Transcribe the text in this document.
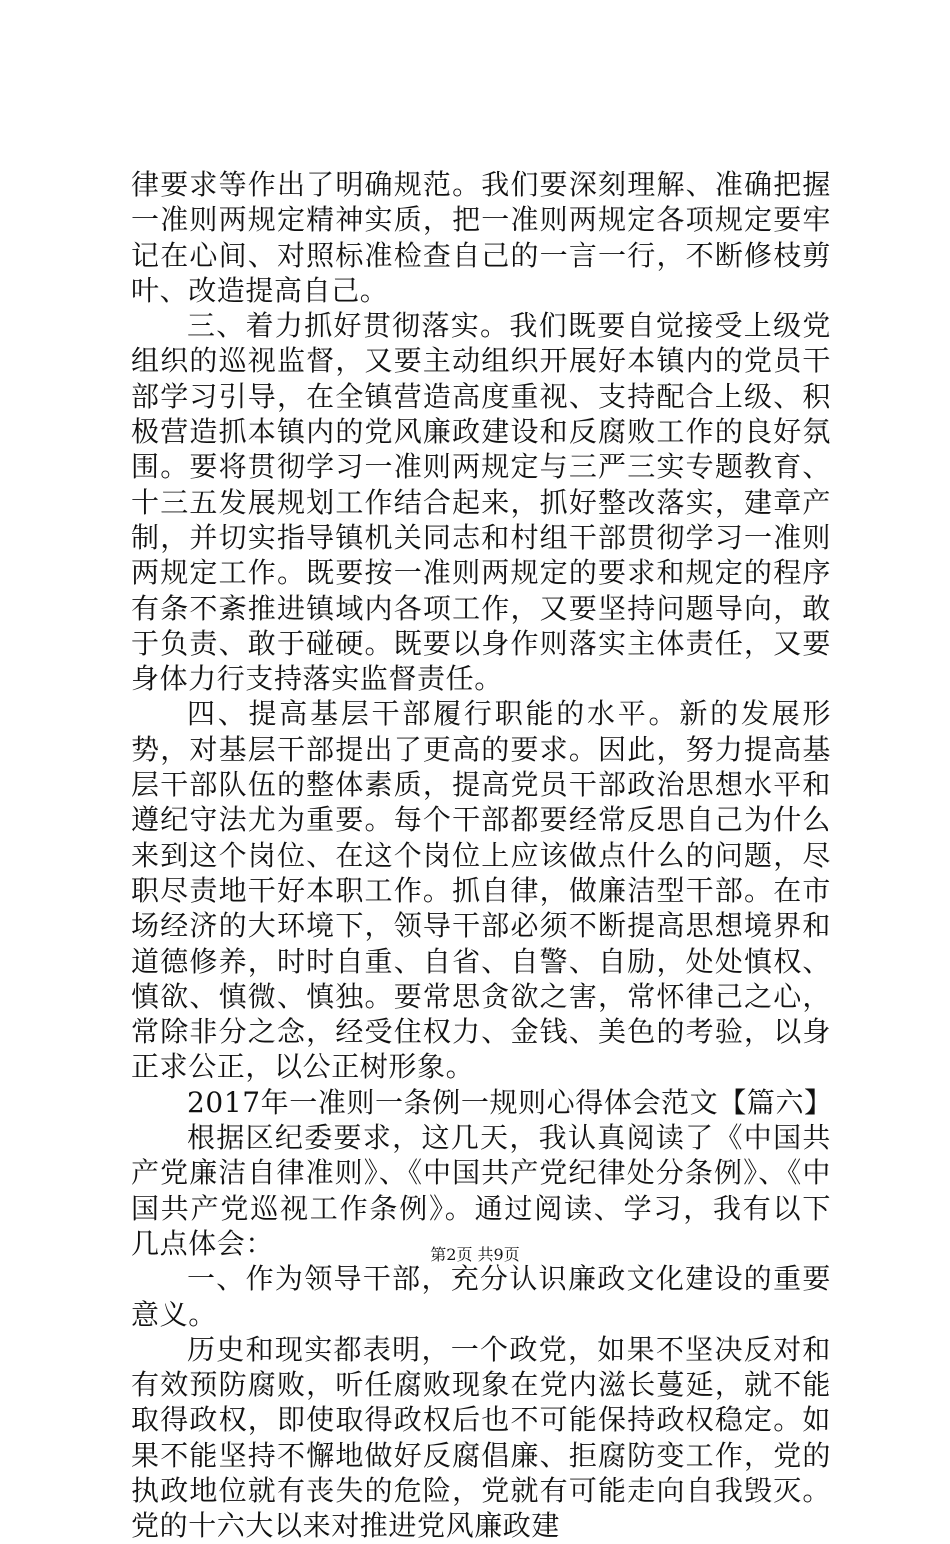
律要求等作出了明确规范。我们要深刻理解、准确把握一准则两规定精神实质，把一准则两规定各项规定要牢记在心间、对照标准检查自己的一言一行，不断修枝剪叶、改造提高自己。

三、着力抓好贯彻落实。我们既要自觉接受上级党组织的巡视监督，又要主动组织开展好本镇内的党员干部学习引导，在全镇营造高度重视、支持配合上级、积极营造抓本镇内的党风廉政建设和反腐败工作的良好氛围。要将贯彻学习一准则两规定与三严三实专题教育、十三五发展规划工作结合起来，抓好整改落实，建章产制，并切实指导镇机关同志和村组干部贯彻学习一准则两规定工作。既要按一准则两规定的要求和规定的程序有条不紊推进镇域内各项工作，又要坚持问题导向，敢于负责、敢于碰硬。既要以身作则落实主体责任，又要身体力行支持落实监督责任。

四、提高基层干部履行职能的水平。新的发展形势，对基层干部提出了更高的要求。因此，努力提高基层干部队伍的整体素质，提高党员干部政治思想水平和遵纪守法尤为重要。每个干部都要经常反思自己为什么来到这个岗位、在这个岗位上应该做点什么的问题，尽职尽责地干好本职工作。抓自律，做廉洁型干部。在市场经济的大环境下，领导干部必须不断提高思想境界和道德修养，时时自重、自省、自警、自励，处处慎权、慎欲、慎微、慎独。要常思贪欲之害，常怀律己之心，常除非分之念，经受住权力、金钱、美色的考验，以身正求公正，以公正树形象。

2017年一准则一条例一规则心得体会范文【篇六】

根据区纪委要求，这几天，我认真阅读了《中国共产党廉洁自律准则》、《中国共产党纪律处分条例》、《中国共产党巡视工作条例》。通过阅读、学习，我有以下几点体会：

一、作为领导干部，充分认识廉政文化建设的重要意义。

历史和现实都表明，一个政党，如果不坚决反对和有效预防腐败，听任腐败现象在党内滋长蔓延，就不能取得政权，即使取得政权后也不可能保持政权稳定。如果不能坚持不懈地做好反腐倡廉、拒腐防变工作，党的执政地位就有丧失的危险，党就有可能走向自我毁灭。党的十六大以来对推进党风廉政建

第2页 共9页
